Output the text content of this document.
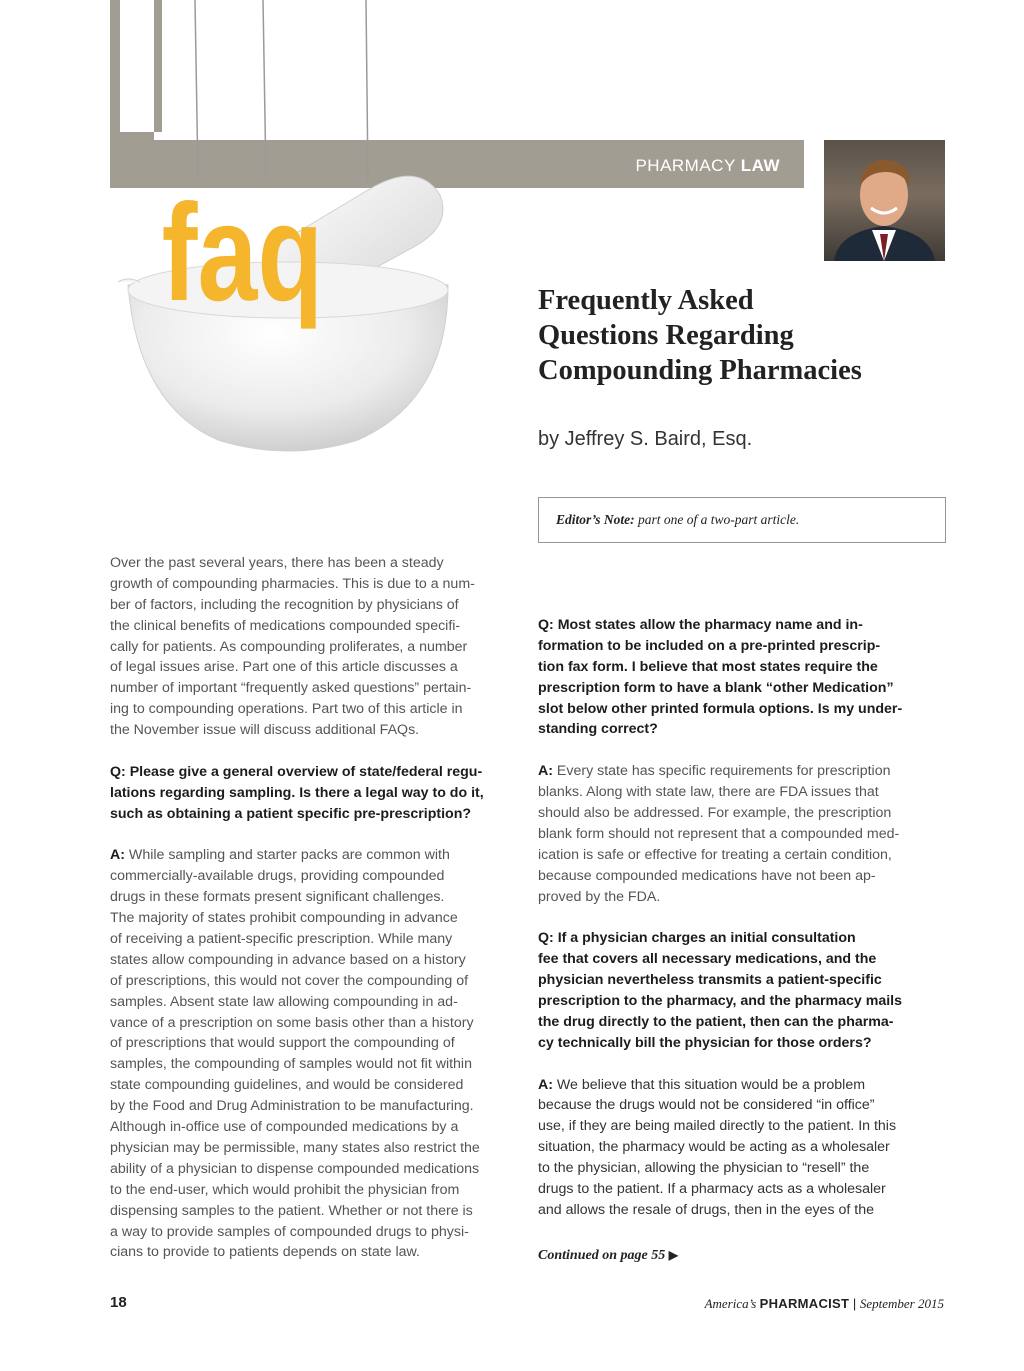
PHARMACY LAW
faq	Frequently Asked
Questions Regarding
Compounding Pharmacies
by Jeffrey S. Baird, Esq.
Editor’s Note: part one of a two-part article.
Over the past several years, there has been a steady
growth of compounding pharmacies. This is due to a num-
ber of factors, including the recognition by physicians of
the clinical benefits of medications compounded specifi-
cally for patients. As compounding proliferates, a number
of legal issues arise. Part one of this article discusses a
number of important “frequently asked questions” pertain-
ing to compounding operations. Part two of this article in
the November issue will discuss additional FAQs.
Q: Please give a general overview of state/federal regu-
lations regarding sampling. Is there a legal way to do it,
such as obtaining a patient specific pre-prescription?
A: While sampling and starter packs are common with
commercially-available drugs, providing compounded
drugs in these formats present significant challenges.
The majority of states prohibit compounding in advance
of receiving a patient-specific prescription. While many
states allow compounding in advance based on a history
of prescriptions, this would not cover the compounding of
samples. Absent state law allowing compounding in ad-
vance of a prescription on some basis other than a history
of prescriptions that would support the compounding of
samples, the compounding of samples would not fit within
state compounding guidelines, and would be considered
by the Food and Drug Administration to be manufacturing.
Although in-office use of compounded medications by a
physician may be permissible, many states also restrict the
ability of a physician to dispense compounded medications
to the end-user, which would prohibit the physician from
dispensing samples to the patient. Whether or not there is
a way to provide samples of compounded drugs to physi-
cians to provide to patients depends on state law.
Q: Most states allow the pharmacy name and in-
formation to be included on a pre-printed prescrip-
tion fax form. I believe that most states require the
prescription form to have a blank “other Medication”
slot below other printed formula options. Is my under-
standing correct?
A: Every state has specific requirements for prescription
blanks. Along with state law, there are FDA issues that
should also be addressed. For example, the prescription
blank form should not represent that a compounded med-
ication is safe or effective for treating a certain condition,
because compounded medications have not been ap-
proved by the FDA.
Q: If a physician charges an initial consultation
fee that covers all necessary medications, and the
physician nevertheless transmits a patient-specific
prescription to the pharmacy, and the pharmacy mails
the drug directly to the patient, then can the pharma-
cy technically bill the physician for those orders?
A: We believe that this situation would be a problem
because the drugs would not be considered “in office”
use, if they are being mailed directly to the patient. In this
situation, the pharmacy would be acting as a wholesaler
to the physician, allowing the physician to “resell” the
drugs to the patient. If a pharmacy acts as a wholesaler
and allows the resale of drugs, then in the eyes of the
Continued on page 55 ▶
18	America’s PHARMACIST | September 2015
